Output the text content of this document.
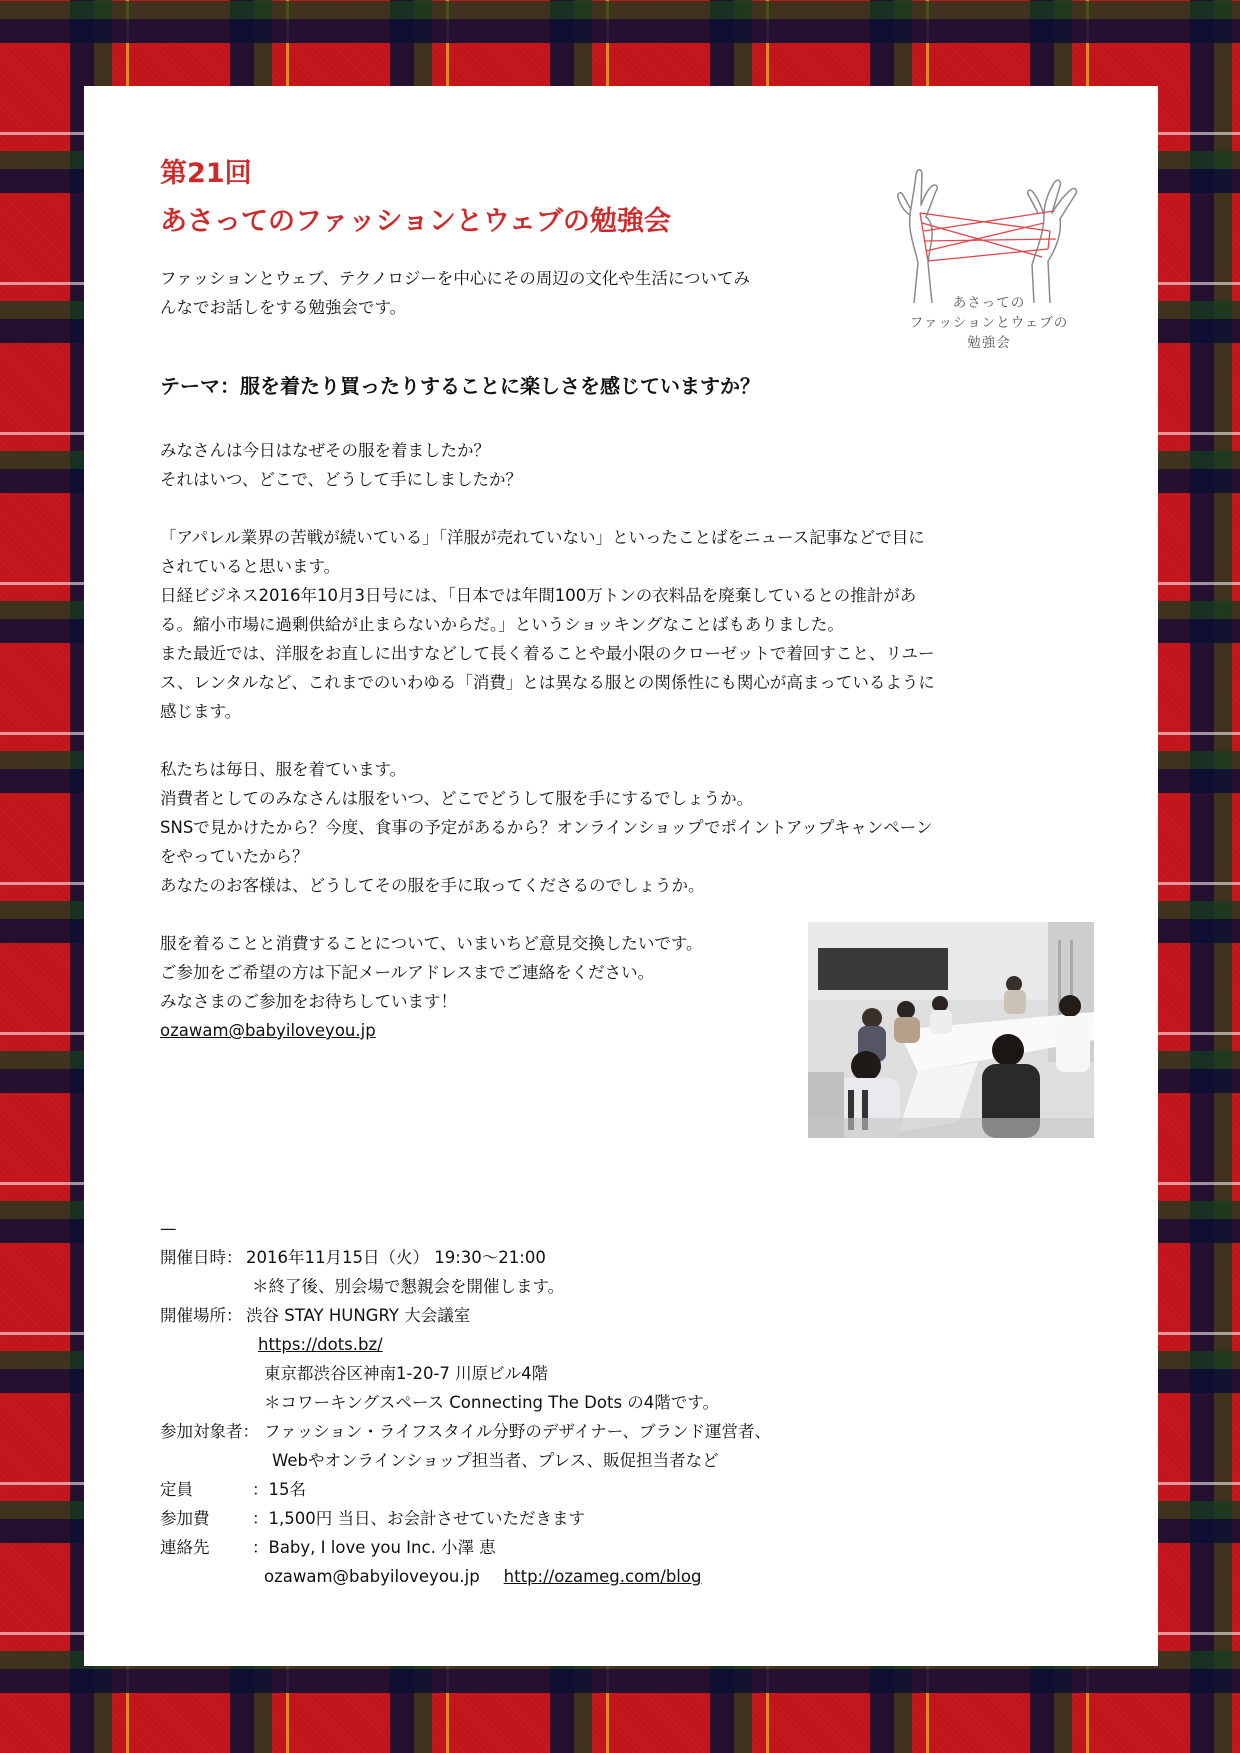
第21回
あさってのファッションとウェブの勉強会
あさっての
ファッションとウェブの
勉強会
ファッションとウェブ、テクノロジーを中心にその周辺の文化や生活についてみ
んなでお話しをする勉強会です。
テーマ：服を着たり買ったりすることに楽しさを感じていますか？

みなさんは今日はなぜその服を着ましたか？

それはいつ、どこで、どうして手にしましたか？

「アパレル業界の苦戦が続いている」「洋服が売れていない」といったことばをニュース記事などで目に

されていると思います。

日経ビジネス2016年10月3日号には、「日本では年間100万トンの衣料品を廃棄しているとの推計があ

る。縮小市場に過剰供給が止まらないからだ。」というショッキングなことばもありました。

また最近では、洋服をお直しに出すなどして長く着ることや最小限のクローゼットで着回すこと、リユー

ス、レンタルなど、これまでのいわゆる「消費」とは異なる服との関係性にも関心が高まっているように

感じます。

私たちは毎日、服を着ています。

消費者としてのみなさんは服をいつ、どこでどうして服を手にするでしょうか。

SNSで見かけたから？今度、食事の予定があるから？オンラインショップでポイントアップキャンペーン

をやっていたから？

あなたのお客様は、どうしてその服を手に取ってくださるのでしょうか。

服を着ることと消費することについて、いまいちど意見交換したいです。

ご参加をご希望の方は下記メールアドレスまでご連絡をください。
みなさまのご参加をお待ちしています！
ozawam@babyiloveyou.jp
—
開催日時： 2016年11月15日（火） 19:30〜21:00
＊終了後、別会場で懇親会を開催します。
開催場所： 渋谷 STAY HUNGRY 大会議室
https://dots.bz/
東京都渋谷区神南1-20-7 川原ビル4階
＊コワーキングスペース Connecting The Dots の4階です。
参加対象者： ファッション・ライフスタイル分野のデザイナー、ブランド運営者、
Webやオンラインショップ担当者、プレス、販促担当者など
定員	：15名
参加費	：1,500円 当日、お会計させていただきます
連絡先	：Baby, I love you Inc. 小澤 恵
ozawam@babyiloveyou.jp http://ozameg.com/blog
